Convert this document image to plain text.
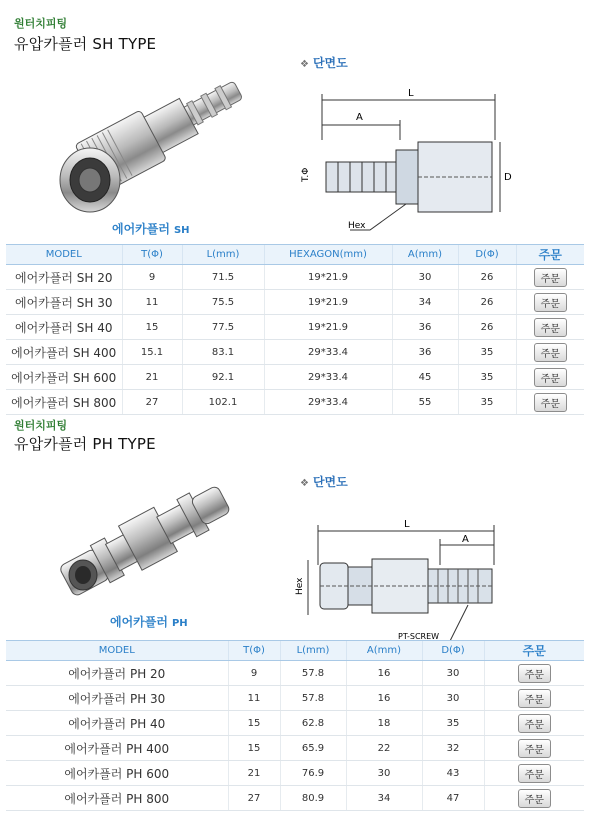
원터치피팅
유압카플러 SH TYPE
에어카플러 SH
❖ 단면도
L
A
T.Φ	D
Hex
MODEL	T(Φ)	L(mm)	HEXAGON(mm)	A(mm)	D(Φ)	주문
에어카플러 SH 20	9	71.5	19*21.9	30	26	주문
에어카플러 SH 30	11	75.5	19*21.9	34	26	주문
에어카플러 SH 40	15	77.5	19*21.9	36	26	주문
에어카플러 SH 400	15.1	83.1	29*33.4	36	35	주문
에어카플러 SH 600	21	92.1	29*33.4	45	35	주문
에어카플러 SH 800	27	102.1	29*33.4	55	35	주문
원터치피팅
유압카플러 PH TYPE
에어카플러 PH
❖ 단면도
L
A
Hex
PT-SCREW
MODEL	T(Φ)	L(mm)	A(mm)	D(Φ)	주문
에어카플러 PH 20	9	57.8	16	30	주문
에어카플러 PH 30	11	57.8	16	30	주문
에어카플러 PH 40	15	62.8	18	35	주문
에어카플러 PH 400	15	65.9	22	32	주문
에어카플러 PH 600	21	76.9	30	43	주문
에어카플러 PH 800	27	80.9	34	47	주문
